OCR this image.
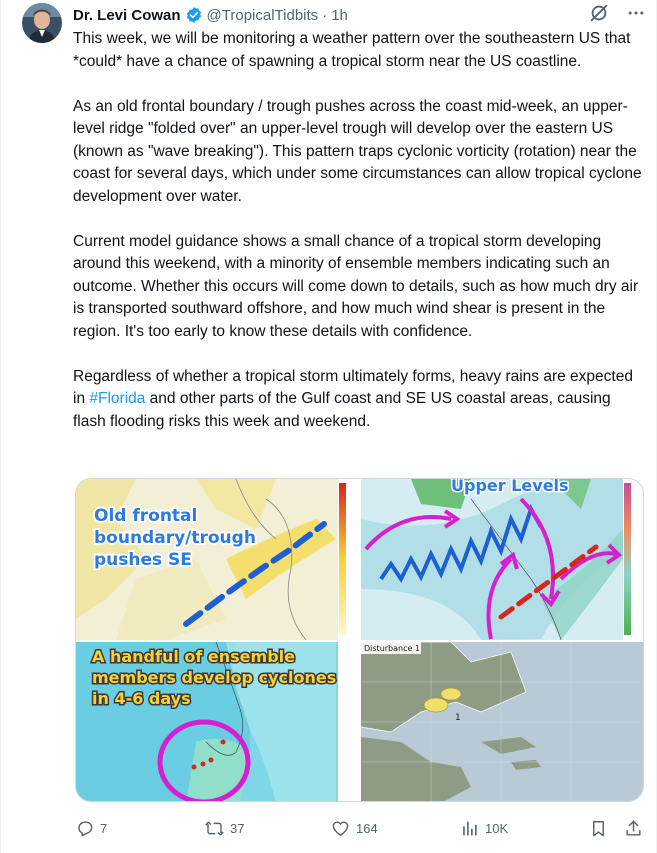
Dr. Levi Cowan @TropicalTidbits · 1h

This week, we will be monitoring a weather pattern over the southeastern US that *could* have a chance of spawning a tropical storm near the US coastline.

As an old frontal boundary / trough pushes across the coast mid-week, an upper-level ridge "folded over" an upper-level trough will develop over the eastern US (known as "wave breaking"). This pattern traps cyclonic vorticity (rotation) near the coast for several days, which under some circumstances can allow tropical cyclone development over water.

Current model guidance shows a small chance of a tropical storm developing around this weekend, with a minority of ensemble members indicating such an outcome. Whether this occurs will come down to details, such as how much dry air is transported southward offshore, and how much wind shear is present in the region. It's too early to know these details with confidence.

Regardless of whether a tropical storm ultimately forms, heavy rains are expected in #Florida and other parts of the Gulf coast and SE US coastal areas, causing flash flooding risks this week and weekend.

Old frontal
boundary/trough
pushes SE
Upper Levels
A handful of ensemble
members develop cyclones
in 4-6 days
Disturbance 1
1
7	37	164	10K
